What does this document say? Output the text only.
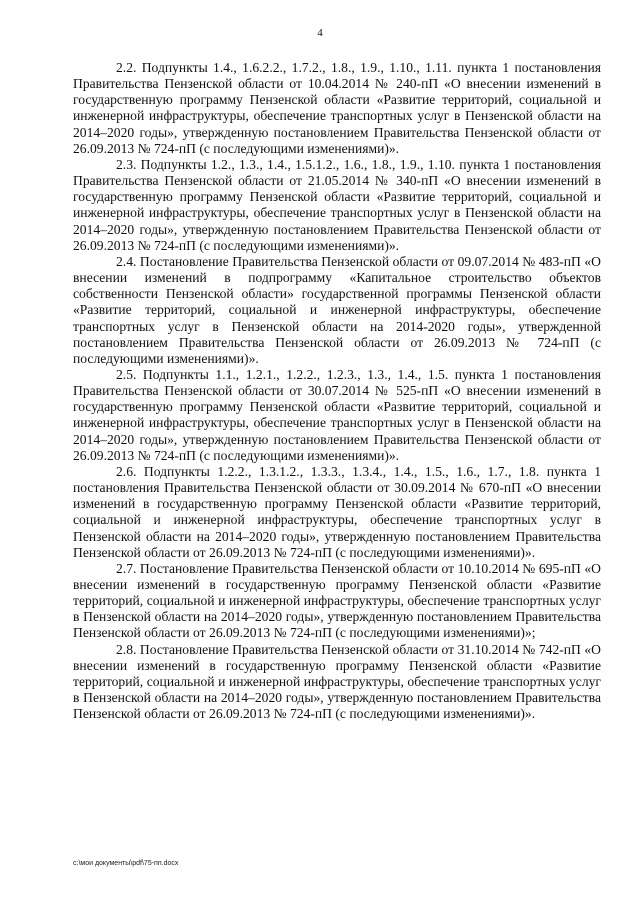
4

2.2. Подпункты 1.4., 1.6.2.2., 1.7.2., 1.8., 1.9., 1.10., 1.11. пункта 1 постановления Правительства Пензенской области от 10.04.2014 № 240-пП «О внесении изменений в государственную программу Пензенской области «Развитие территорий, социальной и инженерной инфраструктуры, обеспечение транспортных услуг в Пензенской области на 2014–2020 годы», утвержденную постановлением Правительства Пензенской области от 26.09.2013 № 724-пП (с последующими изменениями)».

2.3. Подпункты 1.2., 1.3., 1.4., 1.5.1.2., 1.6., 1.8., 1.9., 1.10. пункта 1 постановления Правительства Пензенской области от 21.05.2014 № 340-пП «О внесении изменений в государственную программу Пензенской области «Развитие территорий, социальной и инженерной инфраструктуры, обеспечение транспортных услуг в Пензенской области на 2014–2020 годы», утвержденную постановлением Правительства Пензенской области от 26.09.2013 № 724-пП (с последующими изменениями)».

2.4. Постановление Правительства Пензенской области от 09.07.2014 № 483-пП «О внесении изменений в подпрограмму «Капитальное строительство объектов собственности Пензенской области» государственной программы Пензенской области «Развитие территорий, социальной и инженерной инфраструктуры, обеспечение транспортных услуг в Пензенской области на 2014-2020 годы», утвержденной постановлением Правительства Пензенской области от 26.09.2013 № 724-пП (с последующими изменениями)».

2.5. Подпункты 1.1., 1.2.1., 1.2.2., 1.2.3., 1.3., 1.4., 1.5. пункта 1 постановления Правительства Пензенской области от 30.07.2014 № 525-пП «О внесении изменений в государственную программу Пензенской области «Развитие территорий, социальной и инженерной инфраструктуры, обеспечение транспортных услуг в Пензенской области на 2014–2020 годы», утвержденную постановлением Правительства Пензенской области от 26.09.2013 № 724-пП (с последующими изменениями)».

2.6. Подпункты 1.2.2., 1.3.1.2., 1.3.3., 1.3.4., 1.4., 1.5., 1.6., 1.7., 1.8. пункта 1 постановления Правительства Пензенской области от 30.09.2014 № 670-пП «О внесении изменений в государственную программу Пензенской области «Развитие территорий, социальной и инженерной инфраструктуры, обеспечение транспортных услуг в Пензенской области на 2014–2020 годы», утвержденную постановлением Правительства Пензенской области от 26.09.2013 № 724-пП (с последующими изменениями)».

2.7. Постановление Правительства Пензенской области от 10.10.2014 № 695-пП «О внесении изменений в государственную программу Пензенской области «Развитие территорий, социальной и инженерной инфраструктуры, обеспечение транспортных услуг в Пензенской области на 2014–2020 годы», утвержденную постановлением Правительства Пензенской области от 26.09.2013 № 724-пП (с последующими изменениями)»;

2.8. Постановление Правительства Пензенской области от 31.10.2014 № 742-пП «О внесении изменений в государственную программу Пензенской области «Развитие территорий, социальной и инженерной инфраструктуры, обеспечение транспортных услуг в Пензенской области на 2014–2020 годы», утвержденную постановлением Правительства Пензенской области от 26.09.2013 № 724-пП (с последующими изменениями)».

c:\мои документы\pdf\75-пп.docx
